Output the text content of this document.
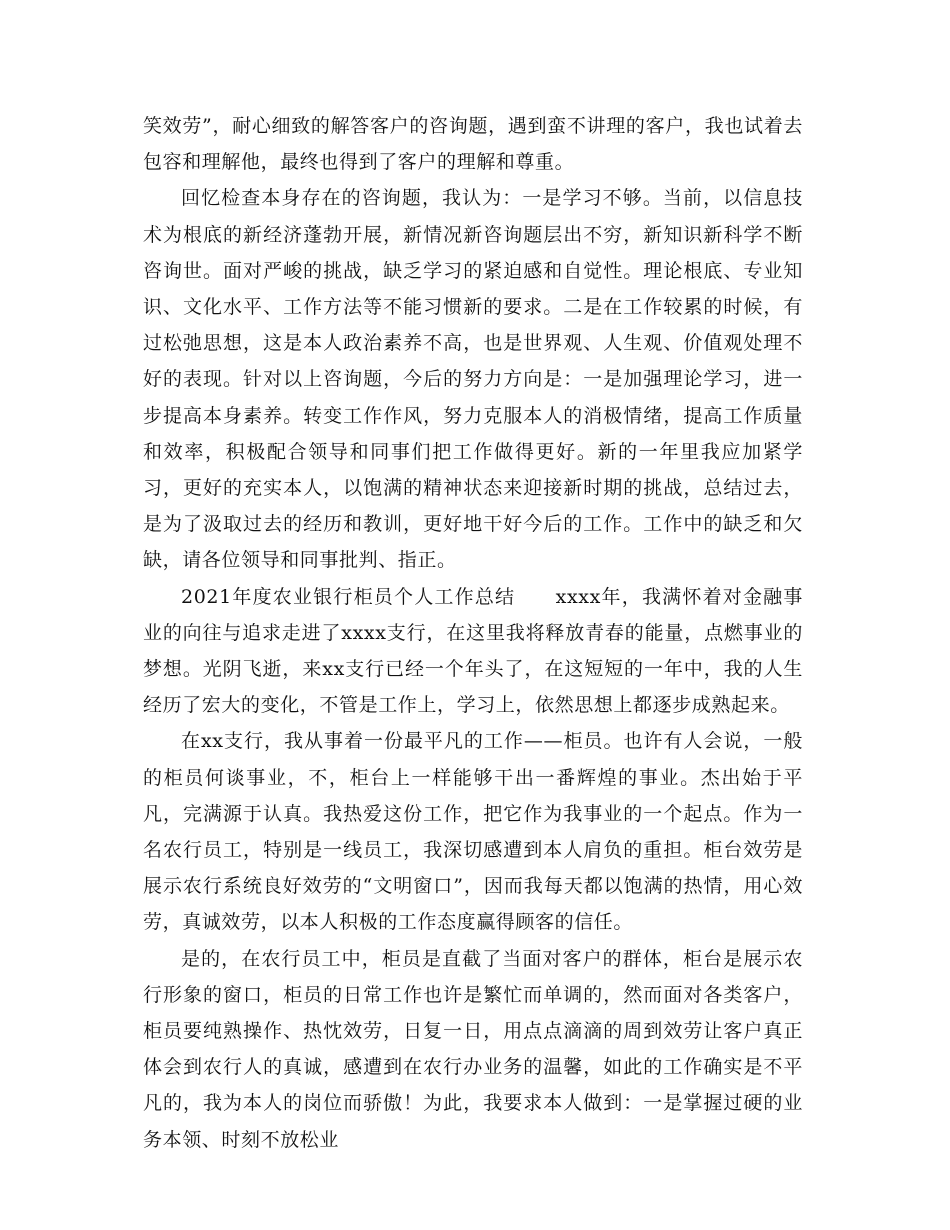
笑效劳”，耐心细致的解答客户的咨询题，遇到蛮不讲理的客户，我也试着去包容和理解他，最终也得到了客户的理解和尊重。

回忆检查本身存在的咨询题，我认为：一是学习不够。当前，以信息技术为根底的新经济蓬勃开展，新情况新咨询题层出不穷，新知识新科学不断咨询世。面对严峻的挑战，缺乏学习的紧迫感和自觉性。理论根底、专业知识、文化水平、工作方法等不能习惯新的要求。二是在工作较累的时候，有过松弛思想，这是本人政治素养不高，也是世界观、人生观、价值观处理不好的表现。针对以上咨询题，今后的努力方向是：一是加强理论学习，进一步提高本身素养。转变工作作风，努力克服本人的消极情绪，提高工作质量和效率，积极配合领导和同事们把工作做得更好。新的一年里我应加紧学习，更好的充实本人，以饱满的精神状态来迎接新时期的挑战，总结过去，是为了汲取过去的经历和教训，更好地干好今后的工作。工作中的缺乏和欠缺，请各位领导和同事批判、指正。

2021年度农业银行柜员个人工作总结　　xxxx年，我满怀着对金融事业的向往与追求走进了xxxx支行，在这里我将释放青春的能量，点燃事业的梦想。光阴飞逝，来xx支行已经一个年头了，在这短短的一年中，我的人生经历了宏大的变化，不管是工作上，学习上，依然思想上都逐步成熟起来。

在xx支行，我从事着一份最平凡的工作——柜员。也许有人会说，一般的柜员何谈事业，不，柜台上一样能够干出一番辉煌的事业。杰出始于平凡，完满源于认真。我热爱这份工作，把它作为我事业的一个起点。作为一名农行员工，特别是一线员工，我深切感遭到本人肩负的重担。柜台效劳是展示农行系统良好效劳的“文明窗口”，因而我每天都以饱满的热情，用心效劳，真诚效劳，以本人积极的工作态度赢得顾客的信任。

是的，在农行员工中，柜员是直截了当面对客户的群体，柜台是展示农行形象的窗口，柜员的日常工作也许是繁忙而单调的，然而面对各类客户，柜员要纯熟操作、热忱效劳，日复一日，用点点滴滴的周到效劳让客户真正体会到农行人的真诚，感遭到在农行办业务的温馨，如此的工作确实是不平凡的，我为本人的岗位而骄傲！为此，我要求本人做到：一是掌握过硬的业务本领、时刻不放松业
